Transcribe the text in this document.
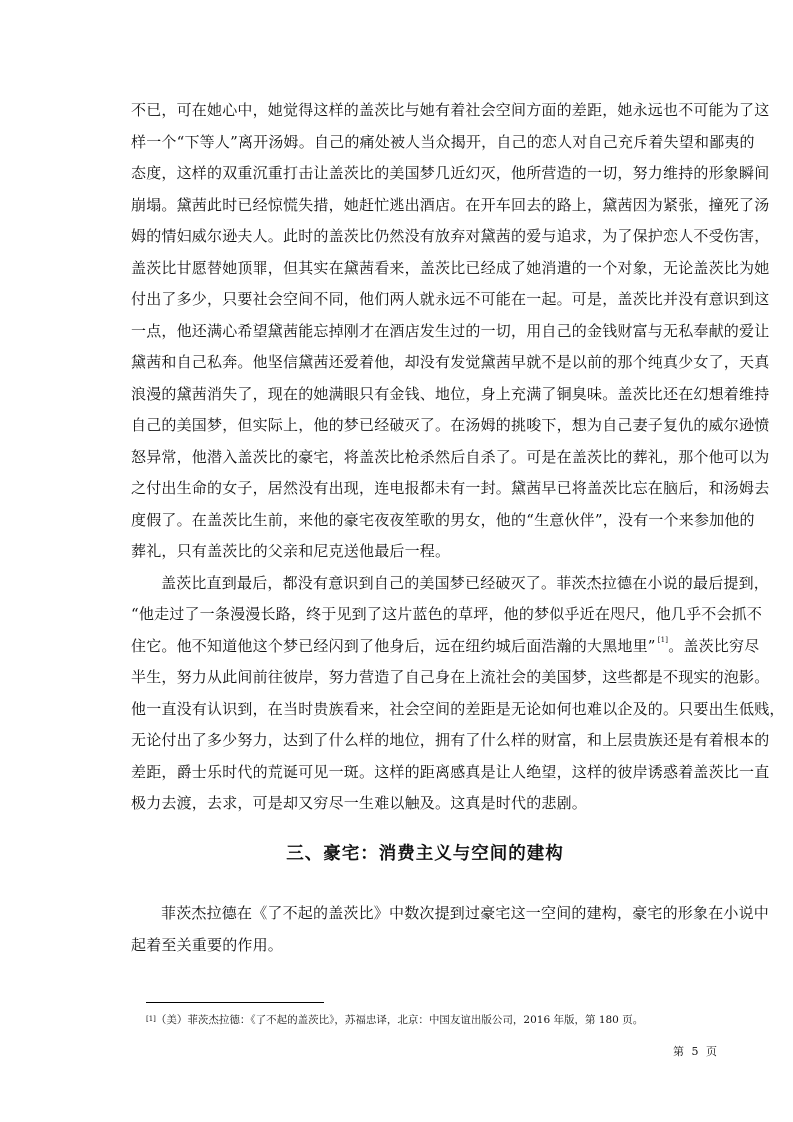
不已，可在她心中，她觉得这样的盖茨比与她有着社会空间方面的差距，她永远也不可能为了这
样一个“下等人”离开汤姆。自己的痛处被人当众揭开，自己的恋人对自己充斥着失望和鄙夷的
态度，这样的双重沉重打击让盖茨比的美国梦几近幻灭，他所营造的一切，努力维持的形象瞬间
崩塌。黛茜此时已经惊慌失措，她赶忙逃出酒店。在开车回去的路上，黛茜因为紧张，撞死了汤
姆的情妇威尔逊夫人。此时的盖茨比仍然没有放弃对黛茜的爱与追求，为了保护恋人不受伤害，
盖茨比甘愿替她顶罪，但其实在黛茜看来，盖茨比已经成了她消遣的一个对象，无论盖茨比为她
付出了多少，只要社会空间不同，他们两人就永远不可能在一起。可是，盖茨比并没有意识到这
一点，他还满心希望黛茜能忘掉刚才在酒店发生过的一切，用自己的金钱财富与无私奉献的爱让
黛茜和自己私奔。他坚信黛茜还爱着他，却没有发觉黛茜早就不是以前的那个纯真少女了，天真
浪漫的黛茜消失了，现在的她满眼只有金钱、地位，身上充满了铜臭味。盖茨比还在幻想着维持
自己的美国梦，但实际上，他的梦已经破灭了。在汤姆的挑唆下，想为自己妻子复仇的威尔逊愤
怒异常，他潜入盖茨比的豪宅，将盖茨比枪杀然后自杀了。可是在盖茨比的葬礼，那个他可以为
之付出生命的女子，居然没有出现，连电报都未有一封。黛茜早已将盖茨比忘在脑后，和汤姆去
度假了。在盖茨比生前，来他的豪宅夜夜笙歌的男女，他的“生意伙伴”，没有一个来参加他的
葬礼，只有盖茨比的父亲和尼克送他最后一程。
盖茨比直到最后，都没有意识到自己的美国梦已经破灭了。菲茨杰拉德在小说的最后提到，
“他走过了一条漫漫长路，终于见到了这片蓝色的草坪，他的梦似乎近在咫尺，他几乎不会抓不
住它。他不知道他这个梦已经闪到了他身后，远在纽约城后面浩瀚的大黑地里” [1]。盖茨比穷尽
半生，努力从此间前往彼岸，努力营造了自己身在上流社会的美国梦，这些都是不现实的泡影。
他一直没有认识到，在当时贵族看来，社会空间的差距是无论如何也难以企及的。只要出生低贱，
无论付出了多少努力，达到了什么样的地位，拥有了什么样的财富，和上层贵族还是有着根本的
差距，爵士乐时代的荒诞可见一斑。这样的距离感真是让人绝望，这样的彼岸诱惑着盖茨比一直
极力去渡，去求，可是却又穷尽一生难以触及。这真是时代的悲剧。
三、豪宅：消费主义与空间的建构
菲茨杰拉德在《了不起的盖茨比》中数次提到过豪宅这一空间的建构，豪宅的形象在小说中
起着至关重要的作用。
[1]（美）菲茨杰拉德：《了不起的盖茨比》，苏福忠译，北京：中国友谊出版公司，2016 年版，第 180 页。
第 5 页
